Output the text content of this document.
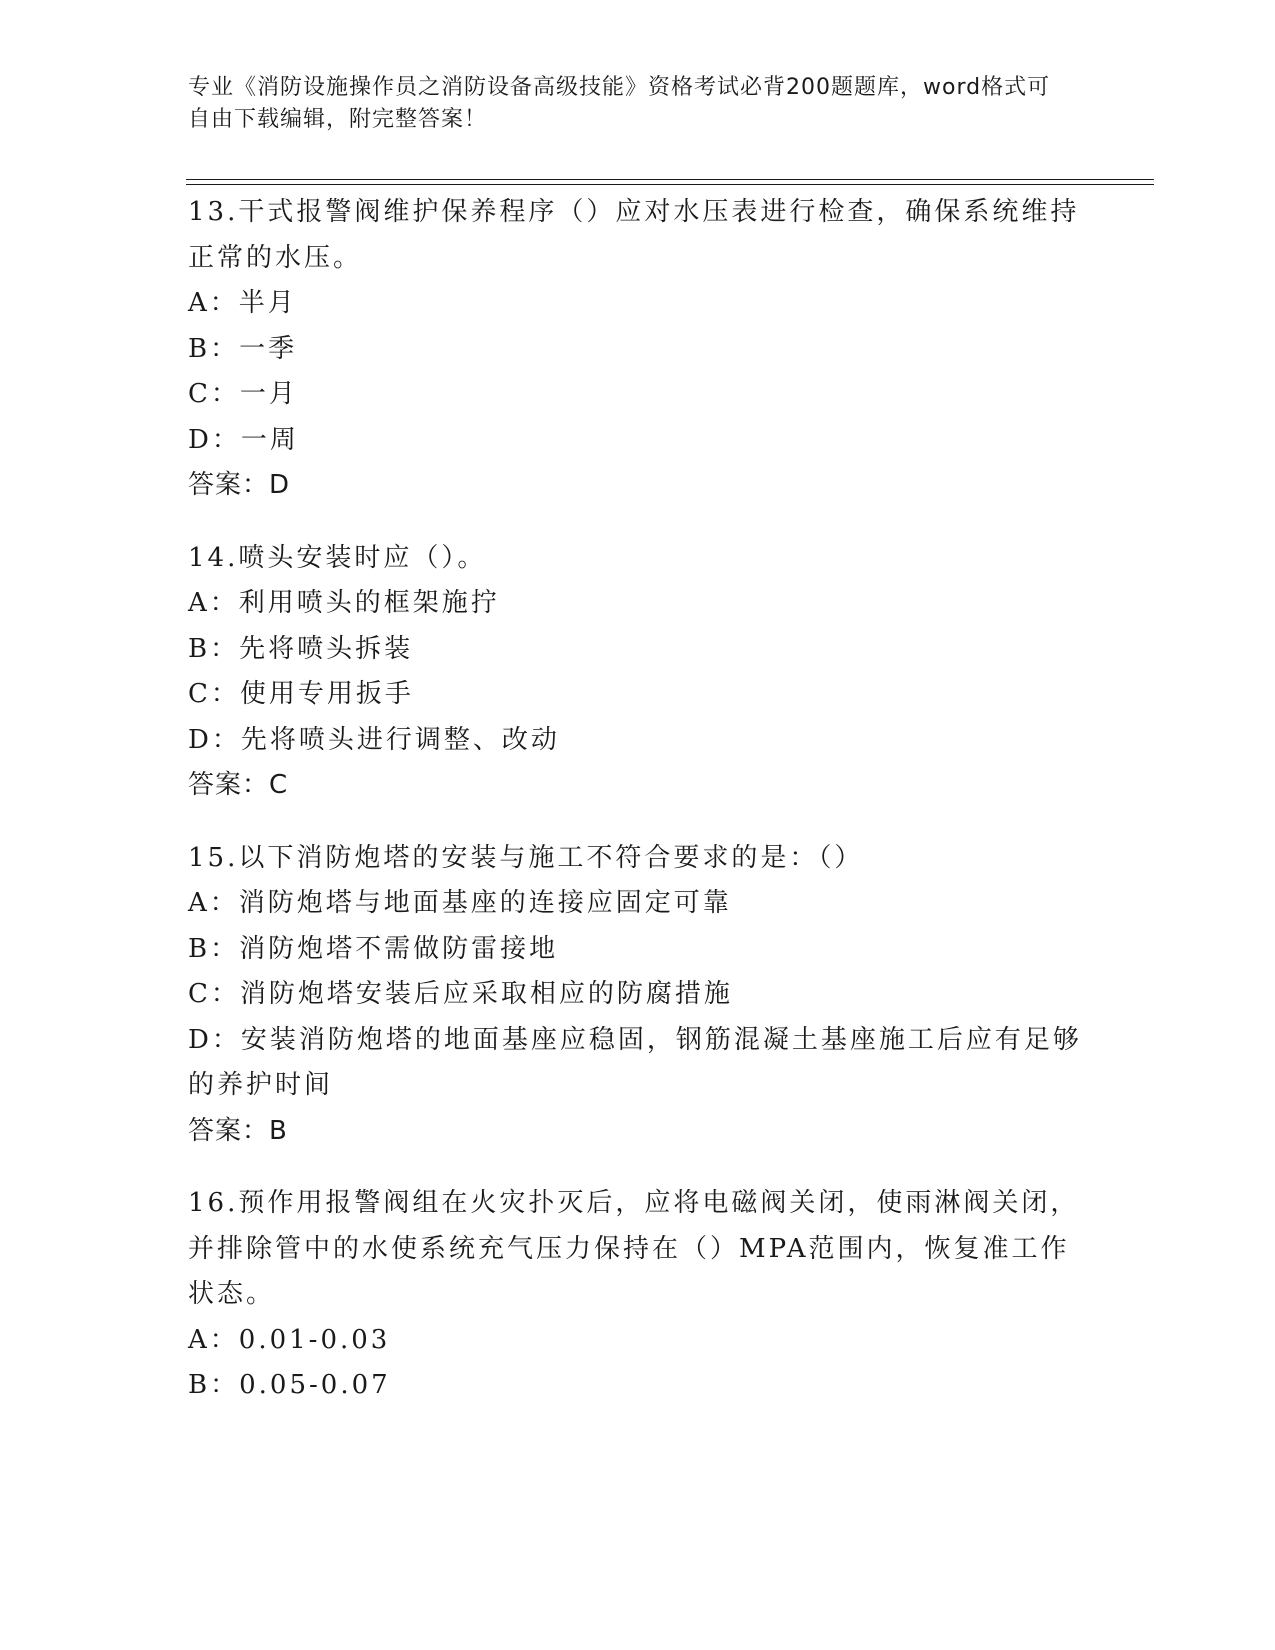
专业《消防设施操作员之消防设备高级技能》资格考试必背200题题库，word格式可自由下载编辑，附完整答案！

13.干式报警阀维护保养程序（）应对水压表进行检查，确保系统维持正常的水压。

A：半月

B：一季

C：一月

D：一周

答案：D

14.喷头安装时应（）。

A：利用喷头的框架施拧

B：先将喷头拆装

C：使用专用扳手

D：先将喷头进行调整、改动

答案：C

15.以下消防炮塔的安装与施工不符合要求的是：（）

A：消防炮塔与地面基座的连接应固定可靠

B：消防炮塔不需做防雷接地

C：消防炮塔安装后应采取相应的防腐措施

D：安装消防炮塔的地面基座应稳固，钢筋混凝土基座施工后应有足够的养护时间

答案：B

16.预作用报警阀组在火灾扑灭后，应将电磁阀关闭，使雨淋阀关闭，并排除管中的水使系统充气压力保持在（）MPA范围内，恢复准工作状态。

A：0.01-0.03

B：0.05-0.07
